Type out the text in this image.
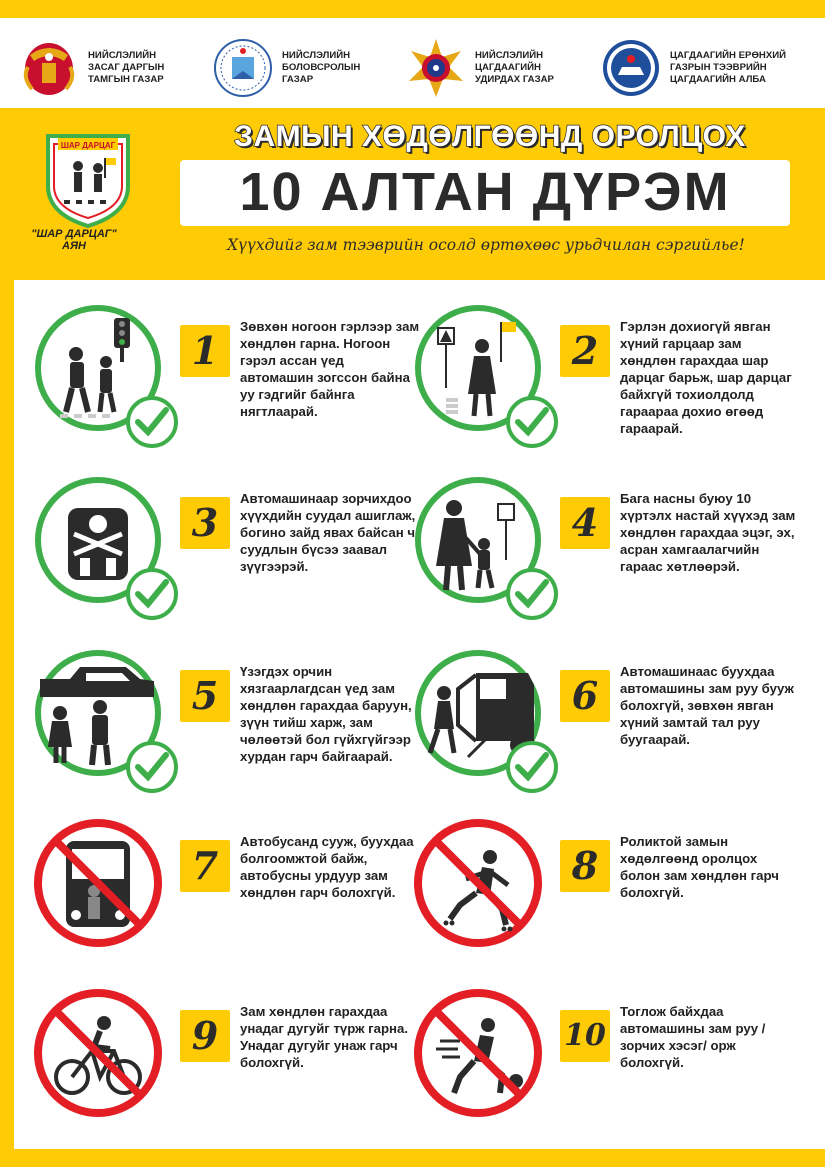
НИЙСЛЭЛИЙН
ЗАСАГ ДАРГЫН
ТАМГЫН ГАЗАР
НИЙСЛЭЛИЙН
БОЛОВСРОЛЫН
ГАЗАР
НИЙСЛЭЛИЙН
ЦАГДААГИЙН
УДИРДАХ ГАЗАР
ЦАГДААГИЙН ЕРӨНХИЙ
ГАЗРЫН ТЭЭВРИЙН
ЦАГДААГИЙН АЛБА
ШАР ДАРЦАГ
"ШАР ДАРЦАГ"
АЯН
ЗАМЫН ХӨДӨЛГӨӨНД ОРОЛЦОХ
10 АЛТАН ДҮРЭМ
Хүүхдийг зам тээврийн осолд өртөхөөс урьдчилан сэргийлье!
1
Зөвхөн ногоон гэрлээр зам хөндлөн гарна. Ногоон гэрэл ассан үед автомашин зогссон байна уу гэдгийг байнга нягтлаарай.
2
Гэрлэн дохиогүй явган хүний гарцаар зам хөндлөн гарахдаа шар дарцаг барьж, шар дарцаг байхгүй тохиолдолд гараараа дохио өгөөд гараарай.
3
Автомашинаар зорчихдоо хүүхдийн суудал ашиглаж, богино зайд явах байсан ч суудлын бүсээ заавал зүүгээрэй.
4
Бага насны буюу 10 хүртэлх настай хүүхэд зам хөндлөн гарахдаа эцэг, эх, асран хамгаалагчийн гараас хөтлөөрэй.
5
Үзэгдэх орчин хязгаарлагдсан үед зам хөндлөн гарахдаа баруун, зүүн тийш харж, зам чөлөөтэй бол гүйхгүйгээр хурдан гарч байгаарай.
6
Автомашинаас буухдаа автомашины зам руу бууж болохгүй, зөвхөн явган хүний замтай тал руу буугаарай.
7
Автобусанд сууж, буухдаа болгоомжтой байж, автобусны урдуур зам хөндлөн гарч болохгүй.
8
Роликтой замын хөдөлгөөнд оролцох болон зам хөндлөн гарч болохгүй.
9
Зам хөндлөн гарахдаа унадаг дугуйг түрж гарна. Унадаг дугуйг унаж гарч болохгүй.
10
Тоглож байхдаа автомашины зам руу /зорчих хэсэг/ орж болохгүй.
